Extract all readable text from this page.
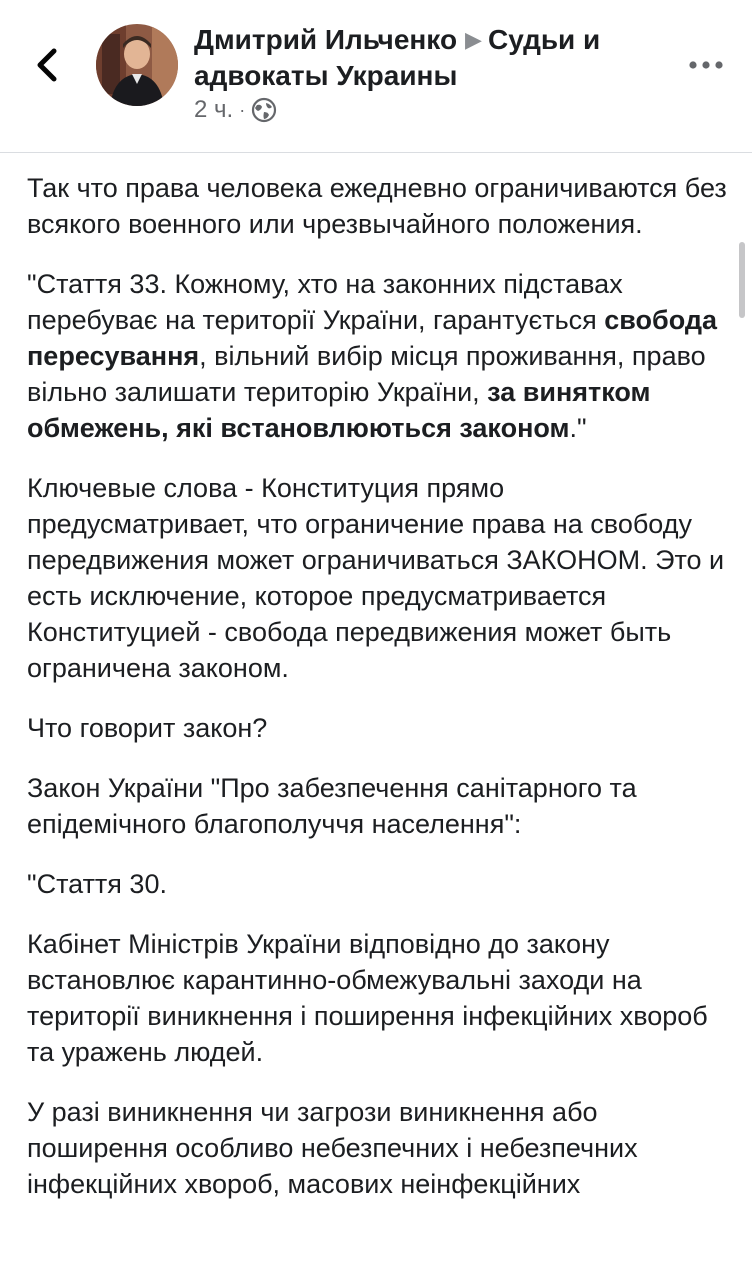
Дмитрий Ильченко ▶ Судьи и адвокаты Украины
2 ч. ·

Так что права человека ежедневно ограничиваются без всякого военного или чрезвычайного положения.

"Стаття 33. Кожному, хто на законних підставах перебуває на території України, гарантується свобода пересування, вільний вибір місця проживання, право вільно залишати територію України, за винятком обмежень, які встановлюються законом."

Ключевые слова - Конституция прямо предусматривает, что ограничение права на свободу передвижения может ограничиваться ЗАКОНОМ. Это и есть исключение, которое предусматривается Конституцией - свобода передвижения может быть ограничена законом.

Что говорит закон?

Закон України "Про забезпечення санітарного та епідемічного благополуччя населення":

"Стаття 30.

Кабінет Міністрів України відповідно до закону встановлює карантинно-обмежувальні заходи на території виникнення і поширення інфекційних хвороб та уражень людей.

У разі виникнення чи загрози виникнення або поширення особливо небезпечних і небезпечних інфекційних хвороб, масових неінфекційних
